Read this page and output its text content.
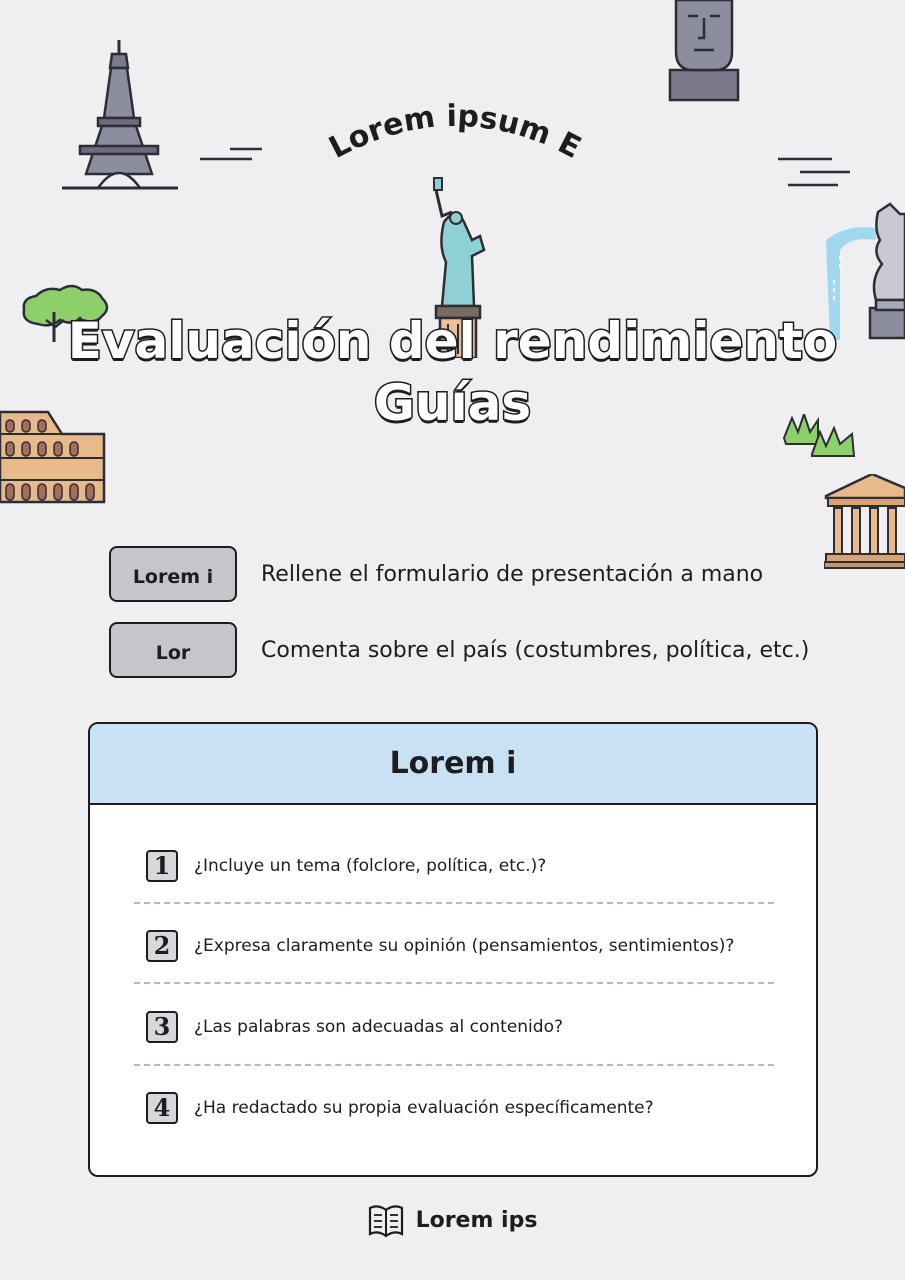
Lorem ipsum E
Evaluación del rendimiento
Guías
Lorem i	Rellene el formulario de presentación a mano
Lor	Comenta sobre el país (costumbres, política, etc.)
Lorem i
1	¿Incluye un tema (folclore, política, etc.)?
2	¿Expresa claramente su opinión (pensamientos, sentimientos)?
3	¿Las palabras son adecuadas al contenido?
4	¿Ha redactado su propia evaluación específicamente?
Lorem ips
